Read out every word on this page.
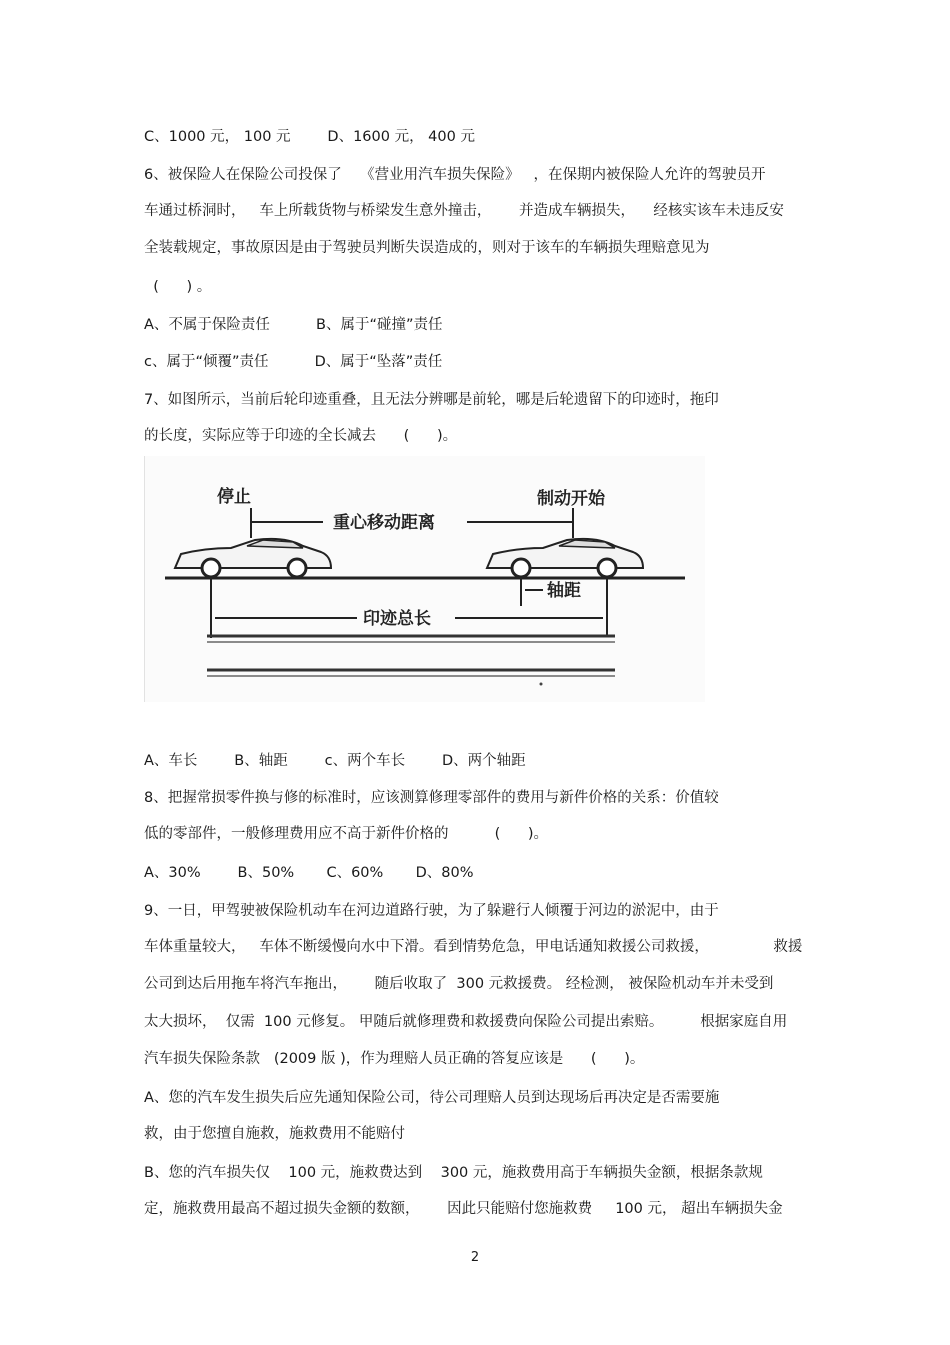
C、1000 元， 100 元        D、1600 元， 400 元
6、被保险人在保险公司投保了    《营业用汽车损失保险》   ，在保期内被保险人允许的驾驶员开
车通过桥洞时，   车上所载货物与桥梁发生意外撞击，      并造成车辆损失，    经核实该车未违反安
全装载规定，事故原因是由于驾驶员判断失误造成的，则对于该车的车辆损失理赔意见为
(      ) 。
A、不属于保险责任          B、属于“碰撞”责任
c、属于“倾覆”责任          D、属于“坠落”责任
7、如图所示，当前后轮印迹重叠，且无法分辨哪是前轮，哪是后轮遗留下的印迹时，拖印
的长度，实际应等于印迹的全长减去      (      )。
停止	制动开始
重心移动距离
轴距
印迹总长
A、车长        B、轴距        c、两个车长        D、两个轴距
8、把握常损零件换与修的标准时，应该测算修理零部件的费用与新件价格的关系：价值较
低的零部件，一般修理费用应不高于新件价格的          (      )。
A、30%        B、50%       C、60%       D、80%
9、一日，甲驾驶被保险机动车在河边道路行驶，为了躲避行人倾覆于河边的淤泥中，由于
车体重量较大，   车体不断缓慢向水中下滑。看到情势危急，甲电话通知救援公司救援，              救援
公司到达后用拖车将汽车拖出，      随后收取了  300 元救援费。 经检测， 被保险机动车并未受到
太大损坏，  仅需  100 元修复。 甲随后就修理费和救援费向保险公司提出索赔。        根据家庭自用
汽车损失保险条款   (2009 版 )，作为理赔人员正确的答复应该是      (      )。
A、您的汽车发生损失后应先通知保险公司，待公司理赔人员到达现场后再决定是否需要施
救，由于您擅自施救，施救费用不能赔付
B、您的汽车损失仅    100 元，施救费达到    300 元，施救费用高于车辆损失金额，根据条款规
定，施救费用最高不超过损失金额的数额，      因此只能赔付您施救费     100 元， 超出车辆损失金
2
